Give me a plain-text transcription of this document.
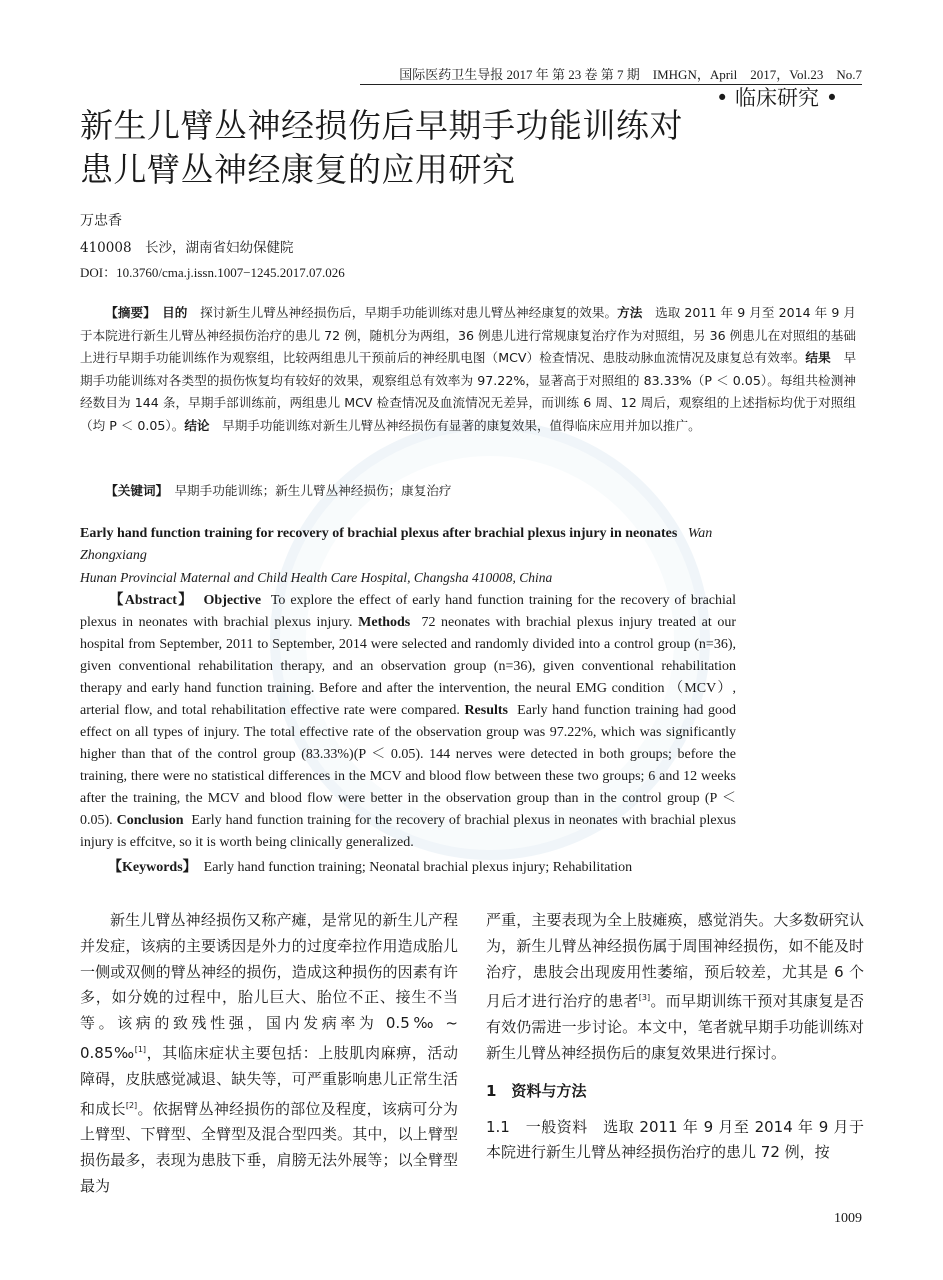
国际医药卫生导报 2017 年 第 23 卷 第 7 期　IMHGN，April　2017，Vol.23　No.7
• 临床研究 •
新生儿臂丛神经损伤后早期手功能训练对
患儿臂丛神经康复的应用研究
万忠香
410008　长沙，湖南省妇幼保健院
DOI：10.3760/cma.j.issn.1007−1245.2017.07.026

【摘要】　 目的　 探讨新生儿臂丛神经损伤后，早期手功能训练对患儿臂丛神经康复的效果。方法　 选取 2011 年 9 月至 2014 年 9 月于本院进行新生儿臂丛神经损伤治疗的患儿 72 例，随机分为两组，36 例患儿进行常规康复治疗作为对照组，另 36 例患儿在对照组的基础上进行早期手功能训练作为观察组，比较两组患儿干预前后的神经肌电图（MCV）检查情况、患肢动脉血流情况及康复总有效率。结果　 早期手功能训练对各类型的损伤恢复均有较好的效果，观察组总有效率为 97.22%，显著高于对照组的 83.33%（P ＜ 0.05）。每组共检测神经数目为 144 条，早期手部训练前，两组患儿 MCV 检查情况及血流情况无差异，而训练 6 周、12 周后，观察组的上述指标均优于对照组（均 P ＜ 0.05）。结论　 早期手功能训练对新生儿臂丛神经损伤有显著的康复效果，值得临床应用并加以推广。

【关键词】　 早期手功能训练；新生儿臂丛神经损伤；康复治疗

Early hand function training for recovery of brachial plexus after brachial plexus injury in neonates Wan Zhongxiang

Hunan Provincial Maternal and Child Health Care Hospital, Changsha 410008, China

【Abstract】 Objective To explore the effect of early hand function training for the recovery of brachial plexus in neonates with brachial plexus injury. Methods 72 neonates with brachial plexus injury treated at our hospital from September, 2011 to September, 2014 were selected and randomly divided into a control group (n=36), given conventional rehabilitation therapy, and an observation group (n=36), given conventional rehabilitation therapy and early hand function training. Before and after the intervention, the neural EMG condition （MCV）, arterial flow, and total rehabilitation effective rate were compared. Results Early hand function training had good effect on all types of injury. The total effective rate of the observation group was 97.22%, which was significantly higher than that of the control group (83.33%)(P ＜ 0.05). 144 nerves were detected in both groups; before the training, there were no statistical differences in the MCV and blood flow between these two groups; 6 and 12 weeks after the training, the MCV and blood flow were better in the observation group than in the control group (P ＜ 0.05). Conclusion Early hand function training for the recovery of brachial plexus in neonates with brachial plexus injury is effcitve, so it is worth being clinically generalized.

【Keywords】 Early hand function training; Neonatal brachial plexus injury; Rehabilitation

新生儿臂丛神经损伤又称产瘫，是常见的新生儿产程并发症，该病的主要诱因是外力的过度牵拉作用造成胎儿一侧或双侧的臂丛神经的损伤，造成这种损伤的因素有许多，如分娩的过程中，胎儿巨大、胎位不正、接生不当等。该病的致残性强，国内发病率为 0.5‰ ~ 0.85‰[1]，其临床症状主要包括：上肢肌肉麻痹，活动障碍，皮肤感觉减退、缺失等，可严重影响患儿正常生活和成长[2]。依据臂丛神经损伤的部位及程度，该病可分为上臂型、下臂型、全臂型及混合型四类。其中，以上臂型损伤最多，表现为患肢下垂，肩膀无法外展等；以全臂型最为

严重，主要表现为全上肢瘫痪，感觉消失。大多数研究认为，新生儿臂丛神经损伤属于周围神经损伤，如不能及时治疗，患肢会出现废用性萎缩，预后较差，尤其是 6 个月后才进行治疗的患者[3]。而早期训练干预对其康复是否有效仍需进一步讨论。本文中，笔者就早期手功能训练对新生儿臂丛神经损伤后的康复效果进行探讨。

1　资料与方法

1.1　一般资料　 选取 2011 年 9 月至 2014 年 9 月于本院进行新生儿臂丛神经损伤治疗的患儿 72 例，按

1009
